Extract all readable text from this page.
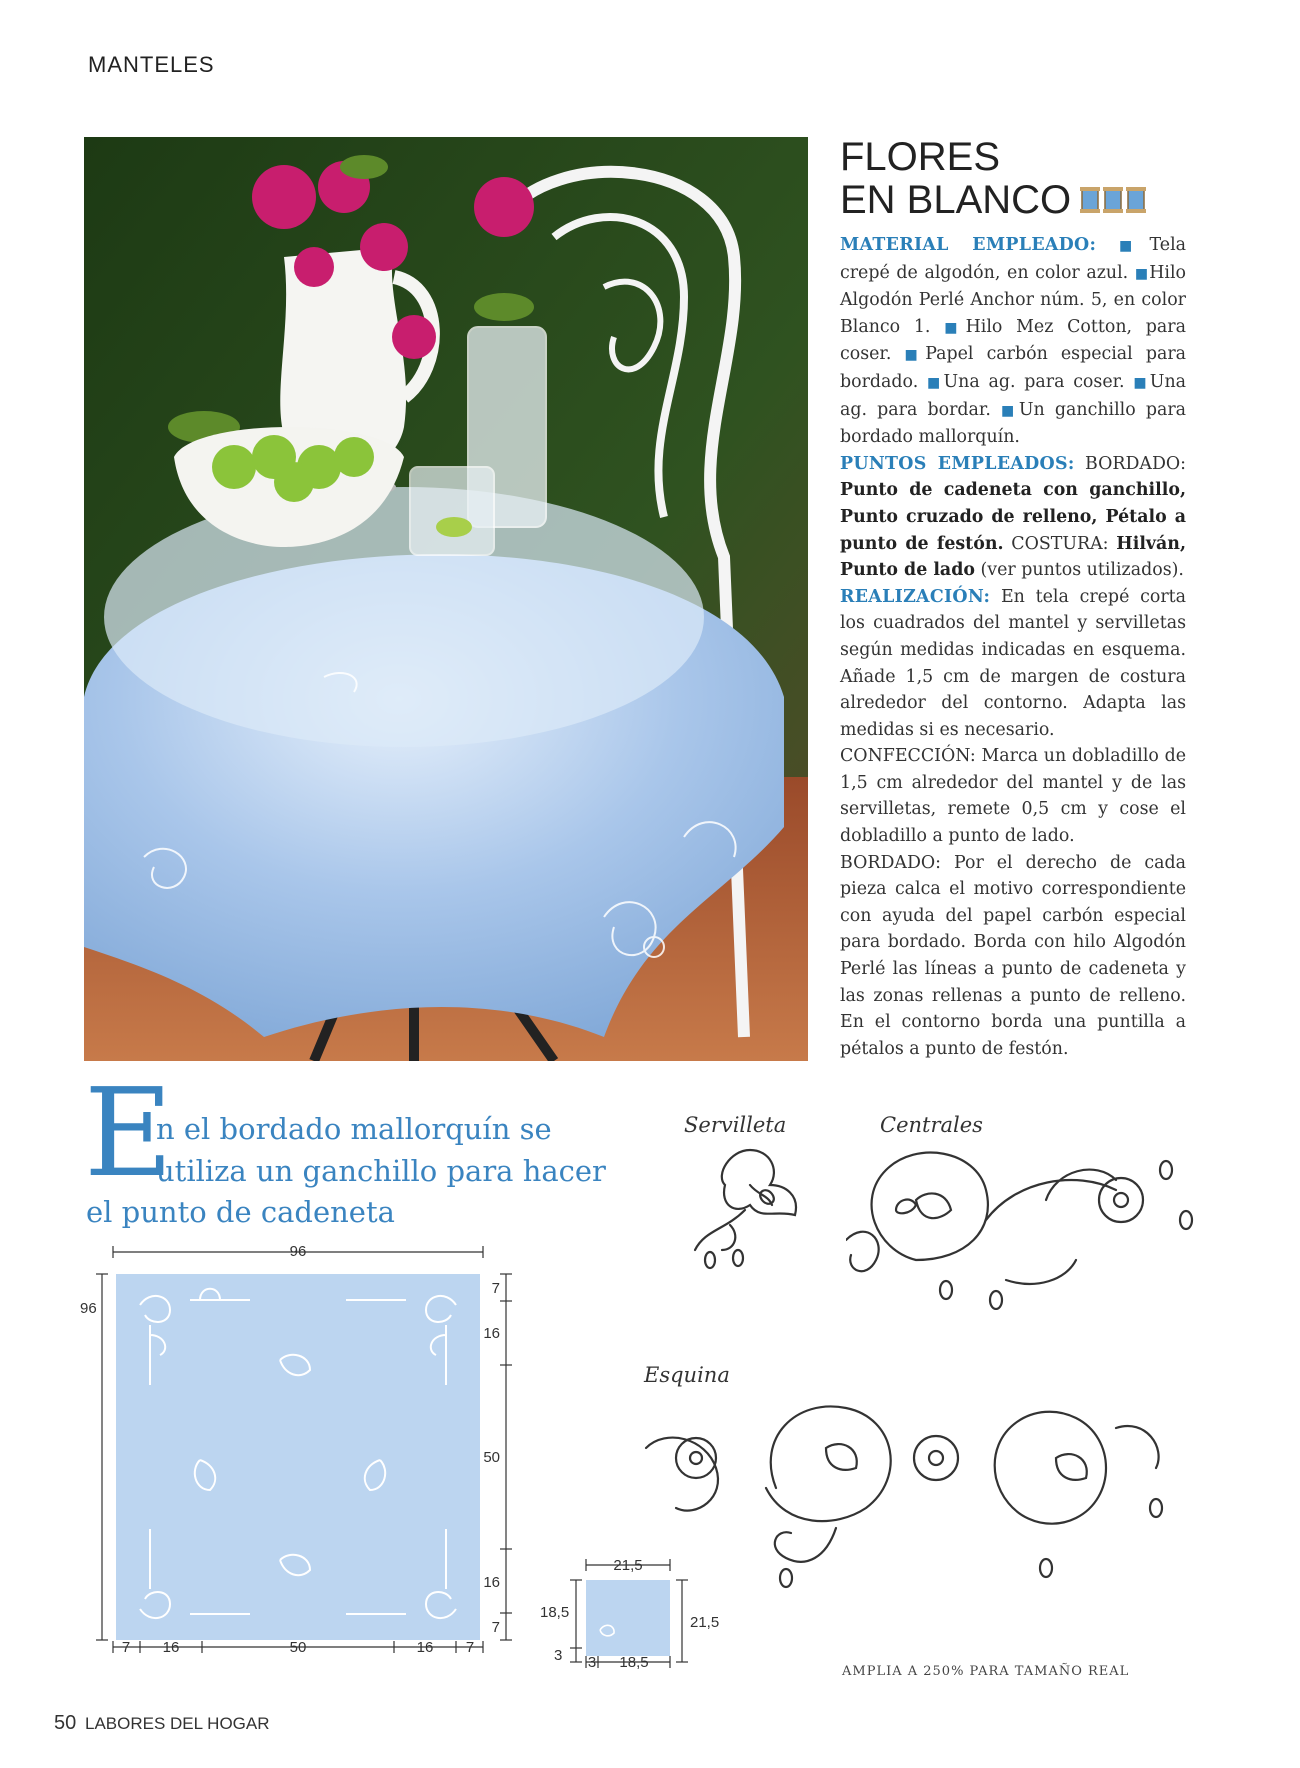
MANTELES
FLORES
EN BLANCO
MATERIAL EMPLEADO: ■Tela crepé de algodón, en color azul. ■Hilo Algodón Perlé Anchor núm. 5, en color Blanco 1. ■Hilo Mez Cotton, para coser. ■Papel carbón especial para bordado. ■Una ag. para coser. ■Una ag. para bordar. ■Un ganchillo para bordado mallorquín.
PUNTOS EMPLEADOS: BORDADO: Punto de cadeneta con ganchillo, Punto cruzado de relleno, Pétalo a punto de festón. COSTURA: Hilván, Punto de lado (ver puntos utilizados).
REALIZACIÓN: En tela crepé corta los cuadrados del mantel y servilletas según medidas indicadas en esquema. Añade 1,5 cm de margen de costura alrededor del contorno. Adapta las medidas si es necesario.
CONFECCIÓN: Marca un dobladillo de 1,5 cm alrededor del mantel y de las servilletas, remete 0,5 cm y cose el dobladillo a punto de lado.
BORDADO: Por el derecho de cada pieza calca el motivo correspondiente con ayuda del papel carbón especial para bordado. Borda con hilo Algodón Perlé las líneas a punto de cadeneta y las zonas rellenas a punto de relleno. En el contorno borda una puntilla a pétalos a punto de festón.
E
n el bordado mallorquín se
utiliza un ganchillo para hacer
el punto de cadeneta
Servilleta	Centrales
Esquina
AMPLIA A 250% PARA TAMAÑO REAL
96
96
7
16
50
16
7
7 16	50	16 7
21,5
21,5
18,5
3 3 18,5
50 LABORES DEL HOGAR
